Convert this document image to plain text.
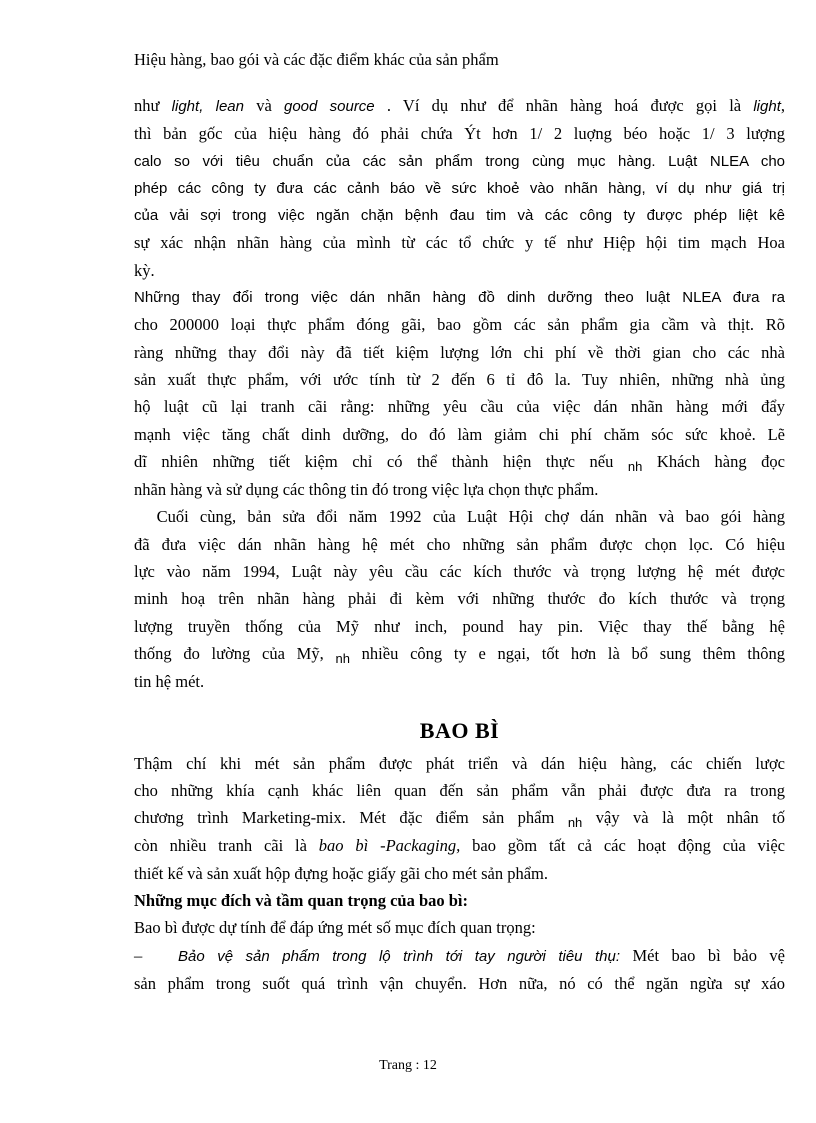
Hiệu hàng, bao gói và các đặc điểm khác của sản phẩm
như light, lean và good source . Ví dụ như để nhãn hàng hoá được gọi là light,
thì bản gốc của hiệu hàng đó phải chứa Ýt hơn 1/ 2 luợng béo hoặc 1/ 3 lượng
calo so với tiêu chuẩn của các sản phẩm trong cùng mục hàng. Luật NLEA cho
phép các công ty đưa các cảnh báo về sức khoẻ vào nhãn hàng, ví dụ như giá trị
của vải sợi trong việc ngăn chặn bệnh đau tim và các công ty được phép liệt kê
sự xác nhận nhãn hàng của mình từ các tổ chức y tế như Hiệp hội tim mạch Hoa
kỳ.
Những thay đổi trong việc dán nhãn hàng đồ dinh dưỡng theo luật NLEA đưa ra
cho 200000 loại thực phẩm đóng gãi, bao gồm các sản phẩm gia cầm và thịt. Rõ
ràng những thay đổi này đã tiết kiệm lượng lớn chi phí về thời gian cho các nhà
sản xuất thực phẩm, với ước tính từ 2 đến 6 tỉ đô la. Tuy nhiên, những nhà ủng
hộ luật cũ lại tranh cãi rằng: những yêu cầu của việc dán nhãn hàng mới đẩy
mạnh việc tăng chất dinh dưỡng, do đó làm giảm chi phí chăm sóc sức khoẻ. Lẽ
dĩ nhiên những tiết kiệm chỉ có thể thành hiện thực nếu $_{nh}$ Khách hàng đọc
nhãn hàng và sử dụng các thông tin đó trong việc lựa chọn thực phẩm.
Cuối cùng, bản sửa đổi năm 1992 của Luật Hội chợ dán nhãn và bao gói hàng
đã đưa việc dán nhãn hàng hệ mét cho những sản phẩm được chọn lọc. Có hiệu
lực vào năm 1994, Luật này yêu cầu các kích thước và trọng lượng hệ mét được
minh hoạ trên nhãn hàng phải đi kèm với những thước đo kích thước và trọng
lượng truyền thống của Mỹ như inch, pound hay pin. Việc thay thế bằng hệ
thống đo lường của Mỹ, $_{nh}$ nhiều công ty e ngại, tốt hơn là bổ sung thêm thông
tin hệ mét.
BAO BÌ
Thậm chí khi mét sản phẩm được phát triển và dán hiệu hàng, các chiến lược
cho những khía cạnh khác liên quan đến sản phẩm vẫn phải được đưa ra trong
chương trình Marketing-mix. Mét đặc điểm sản phẩm $_{nh}$ vậy và là một nhân tố
còn nhiều tranh cãi là bao bì -Packaging, bao gồm tất cả các hoạt động của việc
thiết kế và sản xuất hộp đựng hoặc giấy gãi cho mét sản phẩm.
Những mục đích và tầm quan trọng của bao bì:
Bao bì được dự tính để đáp ứng mét số mục đích quan trọng:
– Bảo vệ sản phẩm trong lộ trình tới tay người tiêu thụ: Mét bao bì bảo vệ
sản phẩm trong suốt quá trình vận chuyển. Hơn nữa, nó có thể ngăn ngừa sự xáo
Trang : 12
